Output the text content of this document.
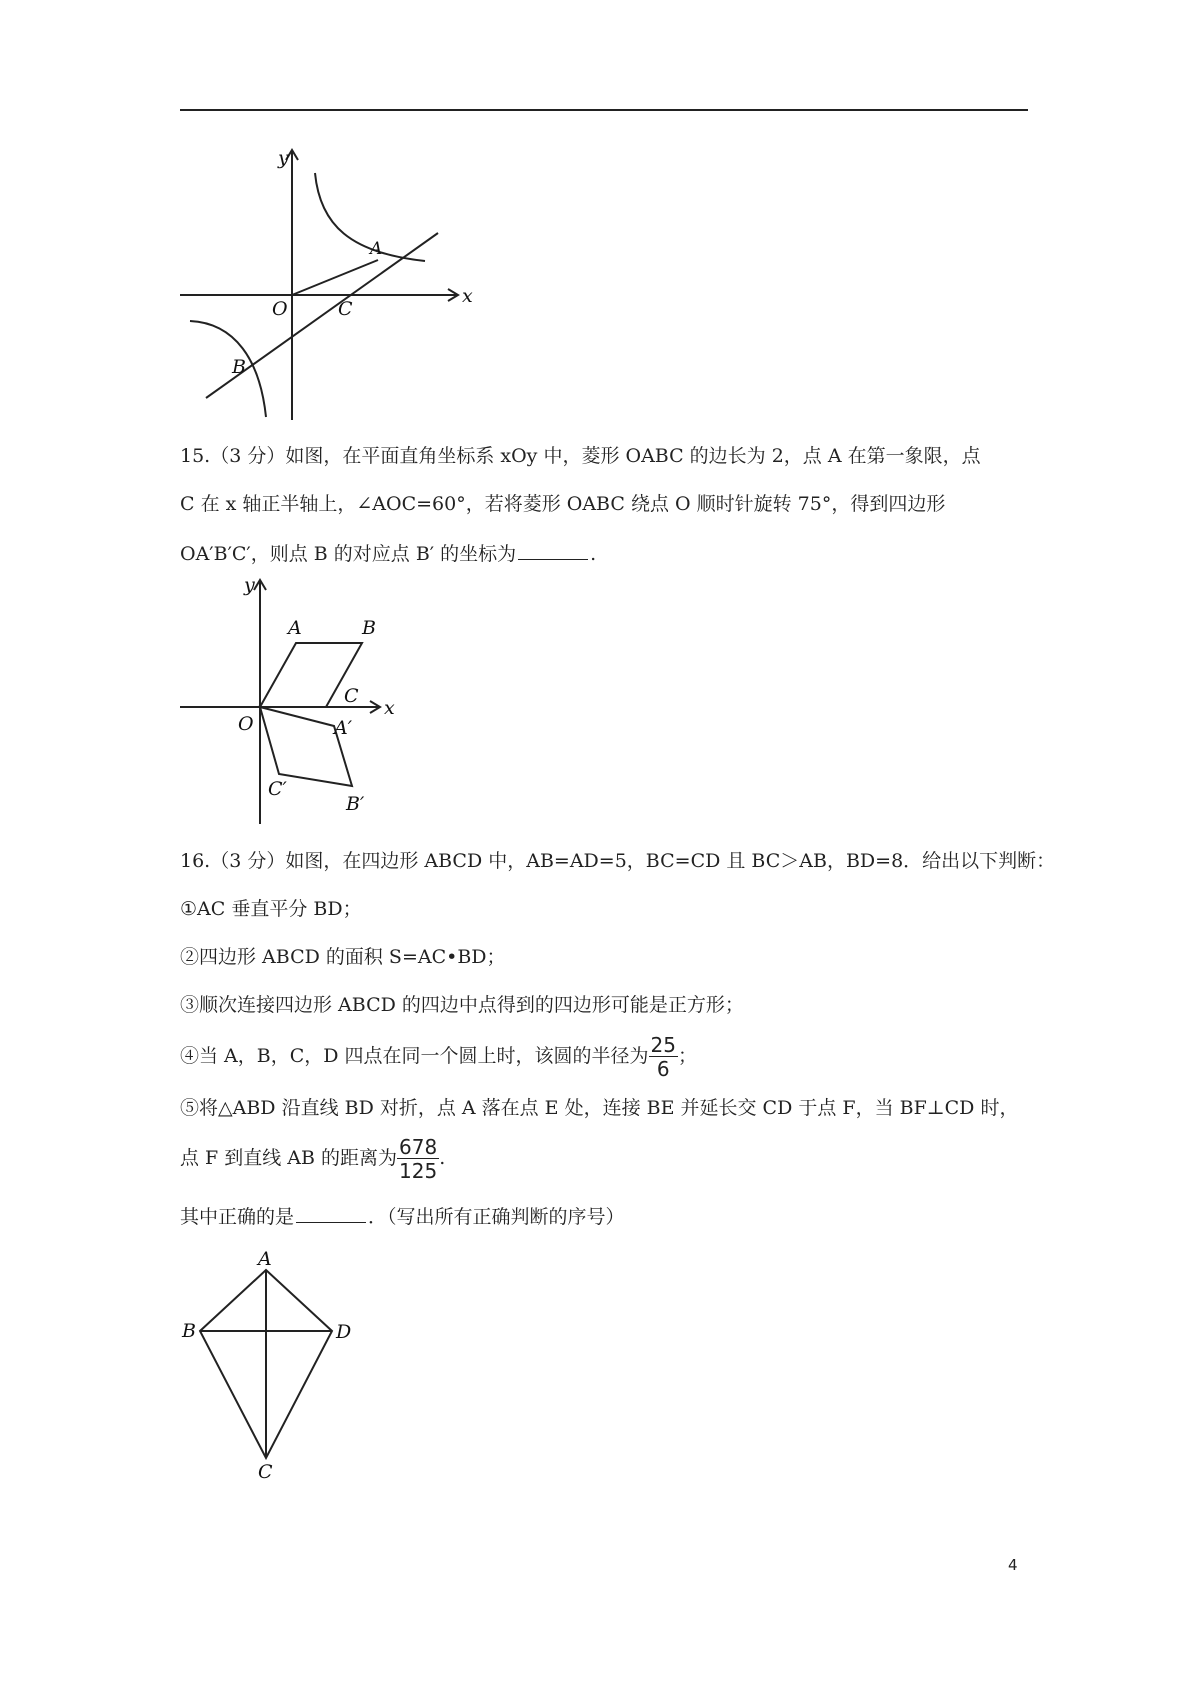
y
x
O
A
C
B
15.（3 分）如图，在平面直角坐标系 xOy 中，菱形 OABC 的边长为 2，点 A 在第一象限，点
C 在 x 轴正半轴上，∠AOC=60°，若将菱形 OABC 绕点 O 顺时针旋转 75°，得到四边形
OA′B′C′，则点 B 的对应点 B′ 的坐标为	.
y
x
O
A	B
C
A′
B′
C′
16.（3 分）如图，在四边形 ABCD 中，AB=AD=5，BC=CD 且 BC＞AB，BD=8．给出以下判断：
①AC 垂直平分 BD；
②四边形 ABCD 的面积 S=AC•BD；
③顺次连接四边形 ABCD 的四边中点得到的四边形可能是正方形；
④当 A，B，C，D 四点在同一个圆上时，该圆的半径为 $\frac{25}{6}$ ；
⑤将△ABD 沿直线 BD 对折，点 A 落在点 E 处，连接 BE 并延长交 CD 于点 F，当 BF⊥CD 时，
点 F 到直线 AB 的距离为 $\frac{678}{125}$ .
其中正确的是	．（写出所有正确判断的序号）
A
B	D
C
4
